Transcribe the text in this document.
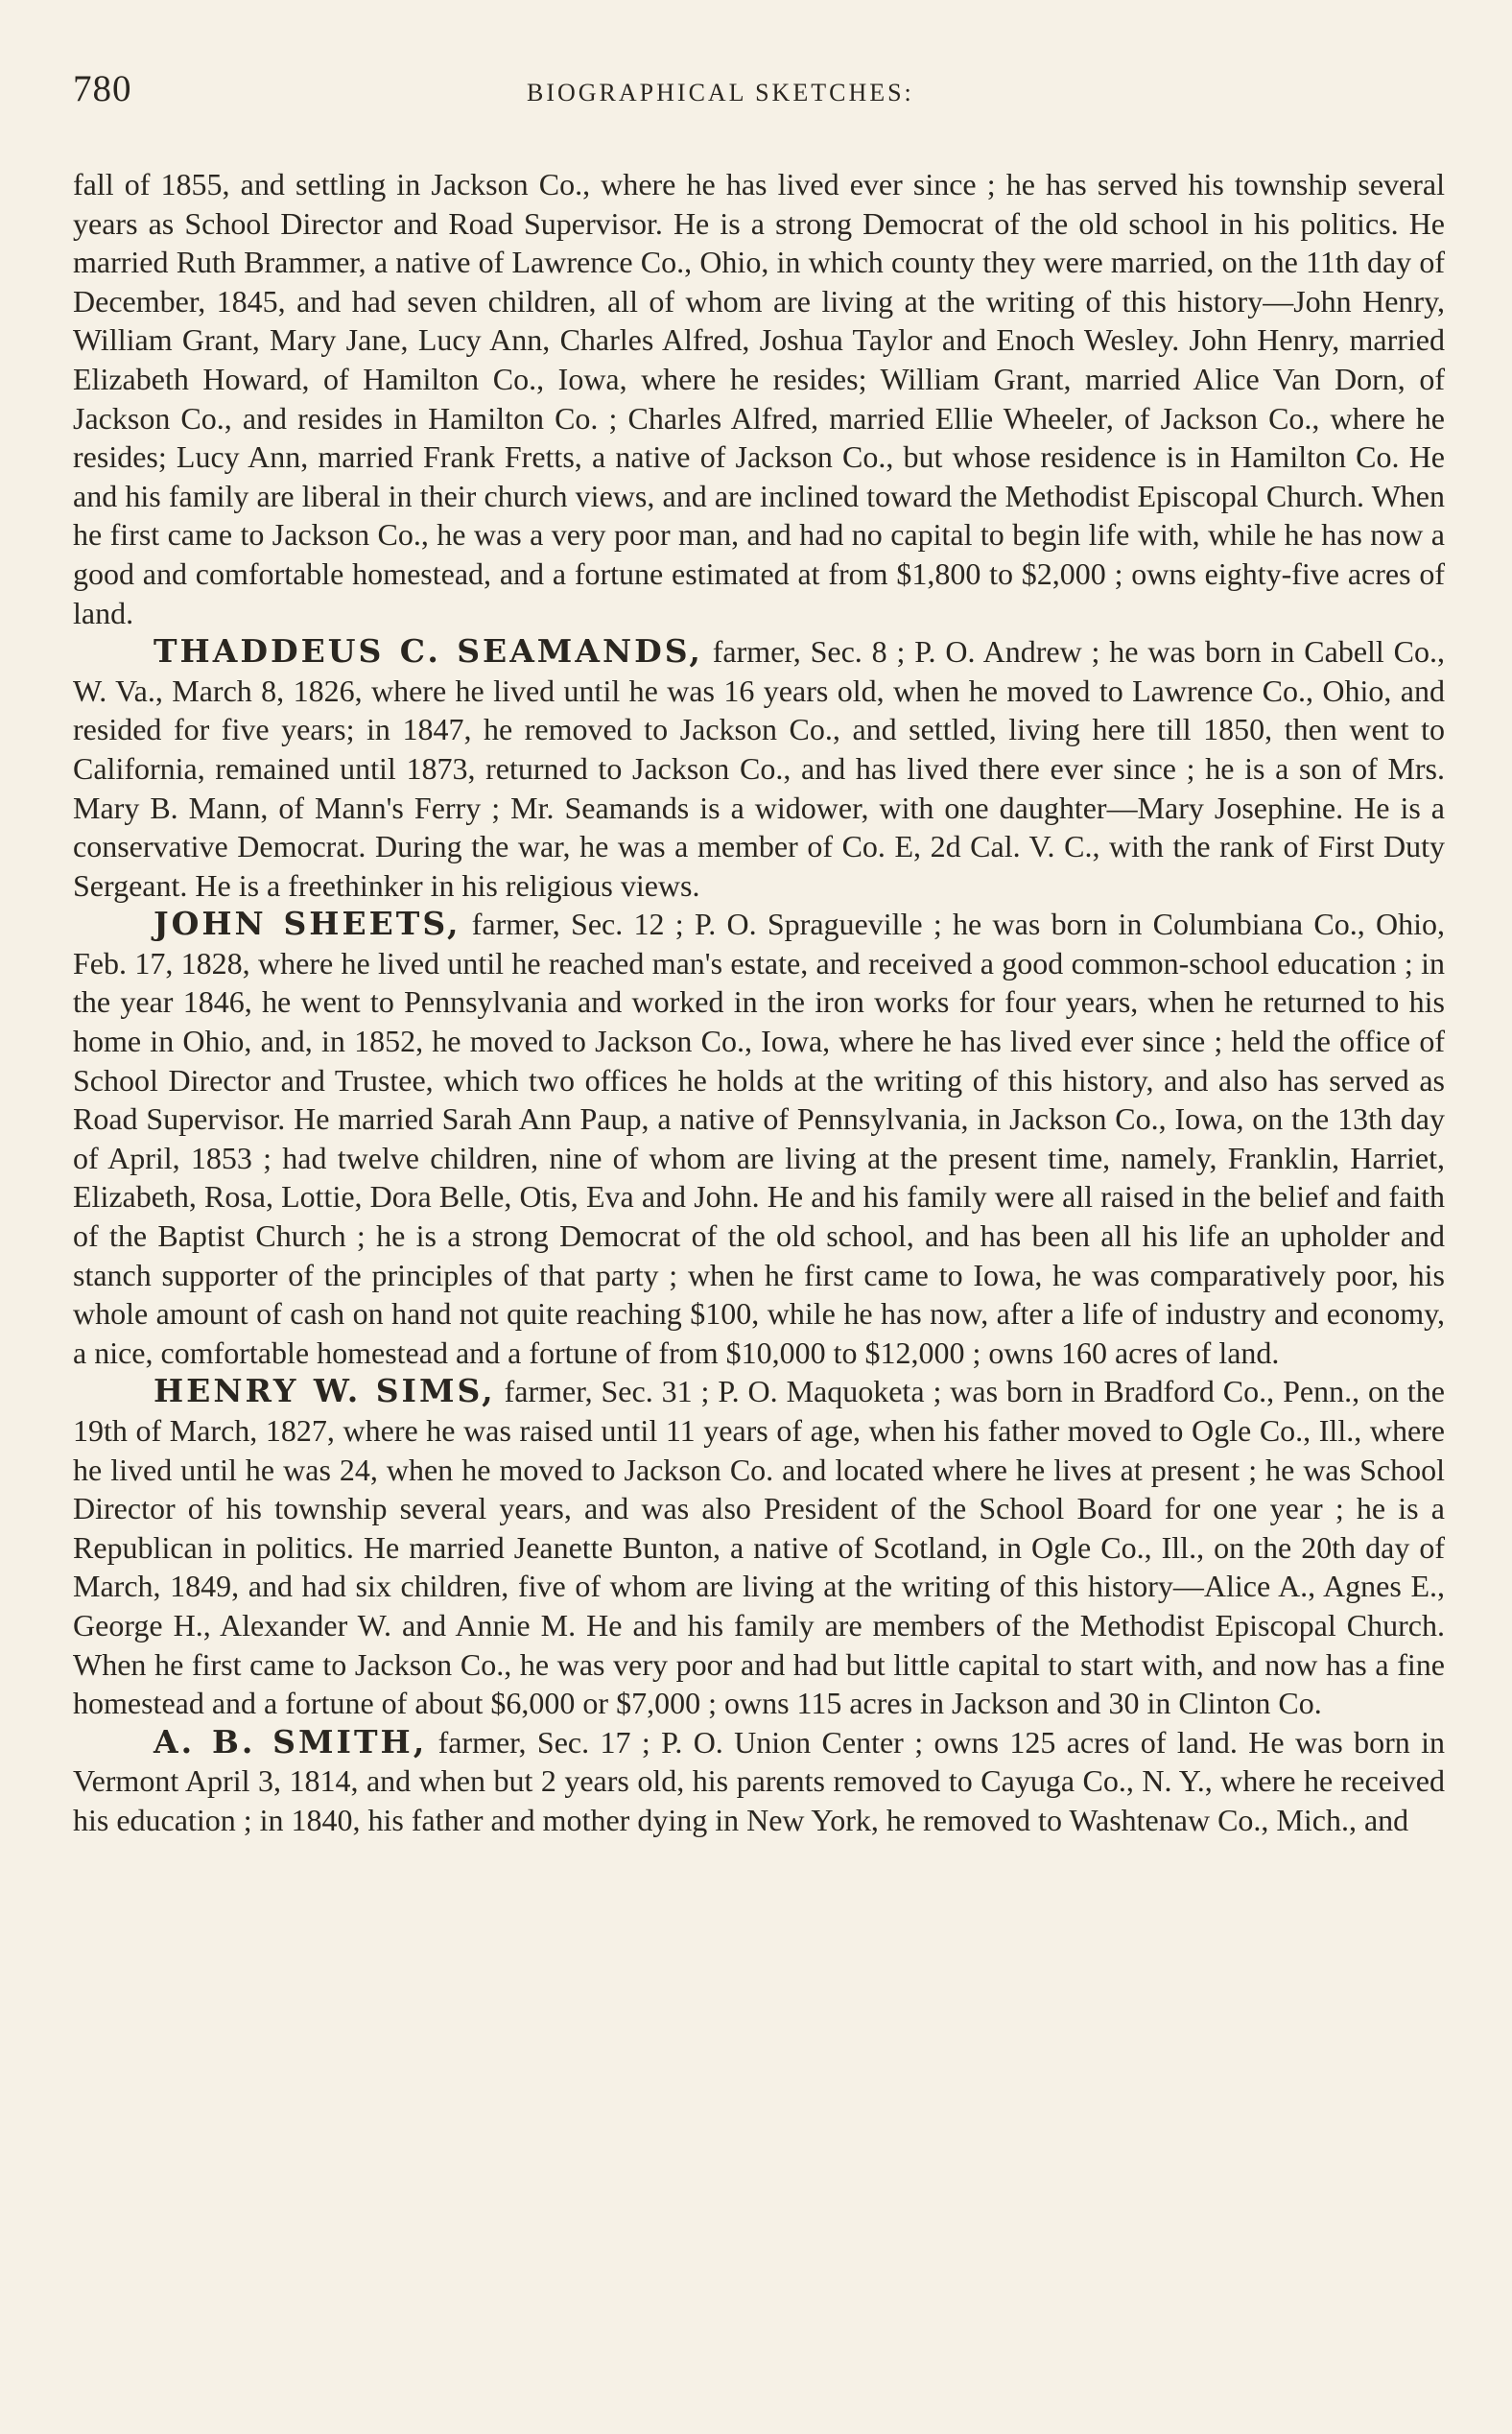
780	BIOGRAPHICAL SKETCHES:

fall of 1855, and settling in Jackson Co., where he has lived ever since ; he has served his township several years as School Director and Road Supervisor. He is a strong Democrat of the old school in his politics. He married Ruth Brammer, a native of Lawrence Co., Ohio, in which county they were married, on the 11th day of December, 1845, and had seven children, all of whom are living at the writing of this history—John Henry, William Grant, Mary Jane, Lucy Ann, Charles Alfred, Joshua Taylor and Enoch Wesley. John Henry, married Elizabeth Howard, of Hamilton Co., Iowa, where he resides; William Grant, married Alice Van Dorn, of Jackson Co., and resides in Hamilton Co. ; Charles Alfred, married Ellie Wheeler, of Jackson Co., where he resides; Lucy Ann, married Frank Fretts, a native of Jackson Co., but whose residence is in Hamilton Co. He and his family are liberal in their church views, and are inclined toward the Methodist Episcopal Church. When he first came to Jackson Co., he was a very poor man, and had no capital to begin life with, while he has now a good and comfortable homestead, and a fortune estimated at from $1,800 to $2,000 ; owns eighty-five acres of land.

THADDEUS C. SEAMANDS, farmer, Sec. 8 ; P. O. Andrew ; he was born in Cabell Co., W. Va., March 8, 1826, where he lived until he was 16 years old, when he moved to Lawrence Co., Ohio, and resided for five years; in 1847, he removed to Jackson Co., and settled, living here till 1850, then went to California, remained until 1873, returned to Jackson Co., and has lived there ever since ; he is a son of Mrs. Mary B. Mann, of Mann's Ferry ; Mr. Seamands is a widower, with one daughter—Mary Josephine. He is a conservative Democrat. During the war, he was a member of Co. E, 2d Cal. V. C., with the rank of First Duty Sergeant. He is a freethinker in his religious views.

JOHN SHEETS, farmer, Sec. 12 ; P. O. Spragueville ; he was born in Columbiana Co., Ohio, Feb. 17, 1828, where he lived until he reached man's estate, and received a good common-school education ; in the year 1846, he went to Pennsylvania and worked in the iron works for four years, when he returned to his home in Ohio, and, in 1852, he moved to Jackson Co., Iowa, where he has lived ever since ; held the office of School Director and Trustee, which two offices he holds at the writing of this history, and also has served as Road Supervisor. He married Sarah Ann Paup, a native of Pennsylvania, in Jackson Co., Iowa, on the 13th day of April, 1853 ; had twelve children, nine of whom are living at the present time, namely, Franklin, Harriet, Elizabeth, Rosa, Lottie, Dora Belle, Otis, Eva and John. He and his family were all raised in the belief and faith of the Baptist Church ; he is a strong Democrat of the old school, and has been all his life an upholder and stanch supporter of the principles of that party ; when he first came to Iowa, he was comparatively poor, his whole amount of cash on hand not quite reaching $100, while he has now, after a life of industry and economy, a nice, comfortable homestead and a fortune of from $10,000 to $12,000 ; owns 160 acres of land.

HENRY W. SIMS, farmer, Sec. 31 ; P. O. Maquoketa ; was born in Bradford Co., Penn., on the 19th of March, 1827, where he was raised until 11 years of age, when his father moved to Ogle Co., Ill., where he lived until he was 24, when he moved to Jackson Co. and located where he lives at present ; he was School Director of his township several years, and was also President of the School Board for one year ; he is a Republican in politics. He married Jeanette Bunton, a native of Scotland, in Ogle Co., Ill., on the 20th day of March, 1849, and had six children, five of whom are living at the writing of this history—Alice A., Agnes E., George H., Alexander W. and Annie M. He and his family are members of the Methodist Episcopal Church. When he first came to Jackson Co., he was very poor and had but little capital to start with, and now has a fine homestead and a fortune of about $6,000 or $7,000 ; owns 115 acres in Jackson and 30 in Clinton Co.

A. B. SMITH, farmer, Sec. 17 ; P. O. Union Center ; owns 125 acres of land. He was born in Vermont April 3, 1814, and when but 2 years old, his parents removed to Cayuga Co., N. Y., where he received his education ; in 1840, his father and mother dying in New York, he removed to Washtenaw Co., Mich., and
